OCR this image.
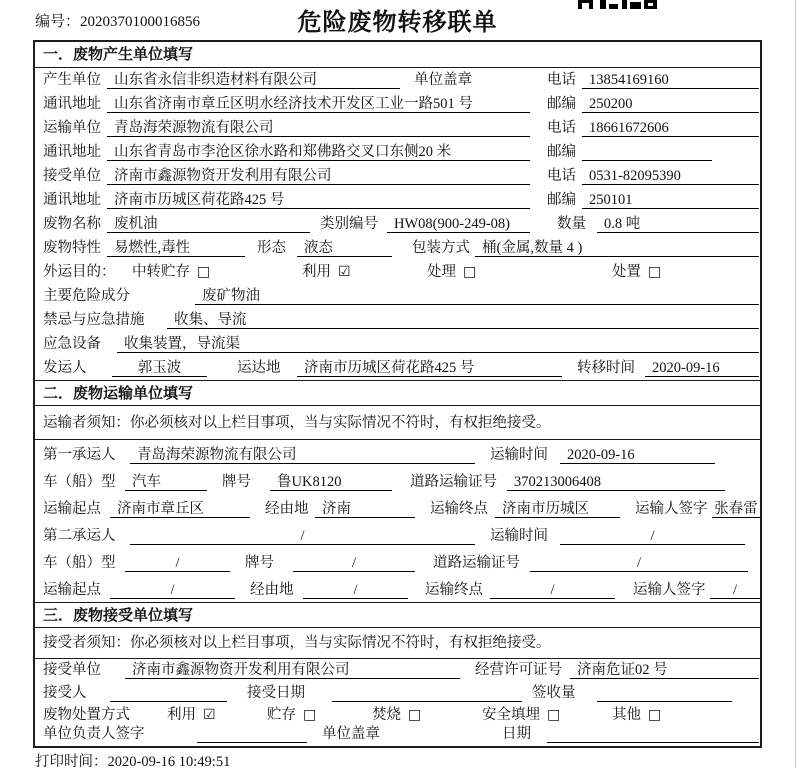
编号：2020370100016856	危险废物转移联单
一．废物产生单位填写
产生单位 山东省永信非织造材料有限公司	单位盖章	电话 13854169160
通讯地址 山东省济南市章丘区明水经济技术开发区工业一路501 号	邮编 250200
运输单位 青岛海荣源物流有限公司	电话 18661672606
通讯地址 山东省青岛市李沧区徐水路和郑佛路交叉口东侧20 米	邮编
接受单位 济南市鑫源物资开发利用有限公司	电话 0531-82095390
通讯地址 济南市历城区荷花路425 号	邮编 250101
废物名称 废机油	类别编号	HW08(900-249-08)	数量	0.8 吨
废物特性 易燃性,毒性	形态	液态	包装方式 桶(金属,数量 4 )
外运目的： 中转贮存 □	利用 ☑	处理 □	处置 □
主要危险成分	废矿物油
禁忌与应急措施	收集、导流
应急设备	收集装置，导流渠
发运人	郭玉波	运达地	济南市历城区荷花路425 号	转移时间	2020-09-16
二．废物运输单位填写
运输者须知：你必须核对以上栏目事项，当与实际情况不符时，有权拒绝接受。
第一承运人	青岛海荣源物流有限公司	运输时间	2020-09-16
车（船）型	汽车	牌号	鲁UK8120	道路运输证号	370213006408
运输起点	济南市章丘区	经由地 济南	运输终点 济南市历城区	运输人签字 张春雷
第二承运人	/	运输时间	/
车（船）型	/	牌号	/	道路运输证号	/
运输起点	/	经由地	/	运输终点	/	运输人签字	/
三．废物接受单位填写
接受者须知：你必须核对以上栏目事项，当与实际情况不符时，有权拒绝接受。
接受单位	济南市鑫源物资开发利用有限公司	经营许可证号	济南危证02 号
接受人	接受日期	签收量
废物处置方式	利用 ☑	贮存 □	焚烧 □	安全填埋 □	其他 □
单位负责人签字	单位盖章	日期
打印时间：2020-09-16 10:49:51
